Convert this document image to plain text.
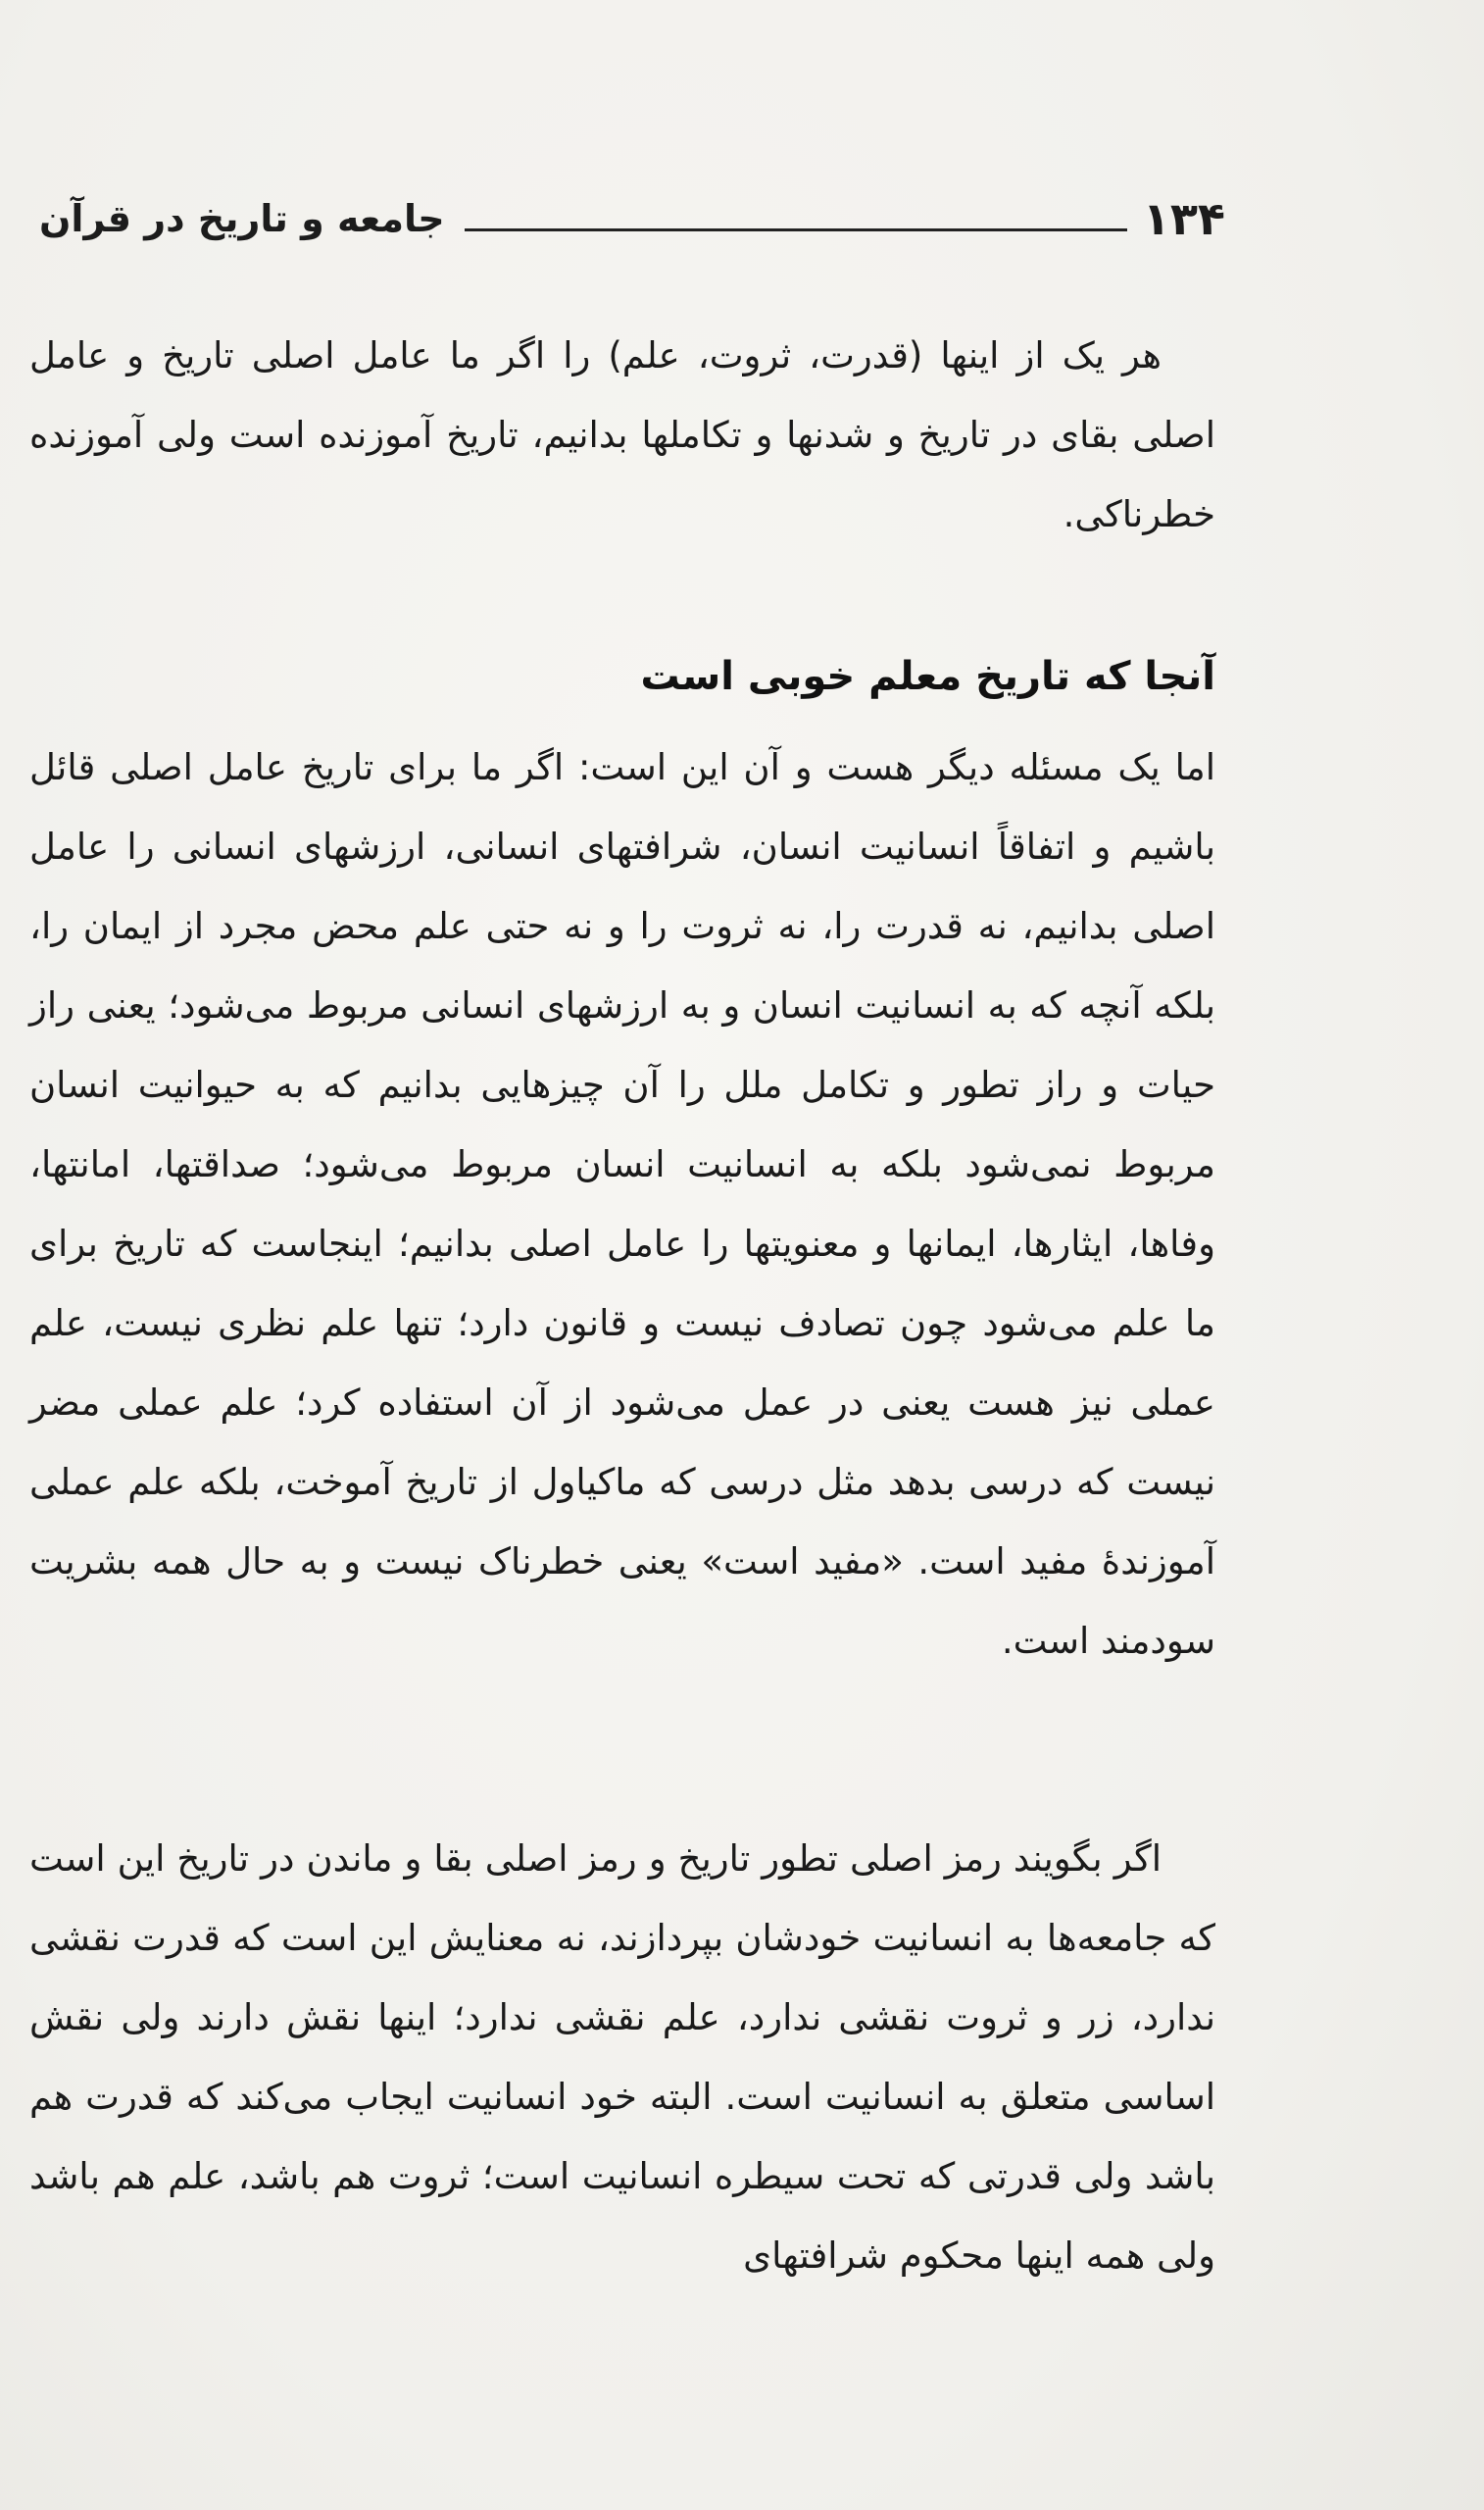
۱۳۴
جامعه و تاریخ در قرآن

هر یک از اینها (قدرت، ثروت، علم) را اگر ما عامل اصلی تاریخ و عامل اصلی بقای در تاریخ و شدنها و تکاملها بدانیم، تاریخ آموزنده است ولی آموزنده خطرناکی.

آنجا که تاریخ معلم خوبی است

اما یک مسئله دیگر هست و آن این است: اگر ما برای تاریخ عامل اصلی قائل باشیم و اتفاقاً انسانیت انسان، شرافتهای انسانی، ارزشهای انسانی را عامل اصلی بدانیم، نه قدرت را، نه ثروت را و نه حتی علم محض مجرد از ایمان را، بلکه آنچه که به انسانیت انسان و به ارزشهای انسانی مربوط می‌شود؛ یعنی راز حیات و راز تطور و تکامل ملل را آن چیزهایی بدانیم که به حیوانیت انسان مربوط نمی‌شود بلکه به انسانیت انسان مربوط می‌شود؛ صداقتها، امانتها، وفاها، ایثارها، ایمانها و معنویتها را عامل اصلی بدانیم؛ اینجاست که تاریخ برای ما علم می‌شود چون تصادف نیست و قانون دارد؛ تنها علم نظری نیست، علم عملی نیز هست یعنی در عمل می‌شود از آن استفاده کرد؛ علم عملی مضر نیست که درسی بدهد مثل درسی که ماکیاول از تاریخ آموخت، بلکه علم عملی آموزندهٔ مفید است. «مفید است» یعنی خطرناک نیست و به حال همه بشریت سودمند است.

اگر بگویند رمز اصلی تطور تاریخ و رمز اصلی بقا و ماندن در تاریخ این است که جامعه‌ها به انسانیت خودشان بپردازند، نه معنایش این است که قدرت نقشی ندارد، زر و ثروت نقشی ندارد، علم نقشی ندارد؛ اینها نقش دارند ولی نقش اساسی متعلق به انسانیت است. البته خود انسانیت ایجاب می‌کند که قدرت هم باشد ولی قدرتی که تحت سیطره انسانیت است؛ ثروت هم باشد، علم هم باشد ولی همه اینها محکوم شرافتهای
